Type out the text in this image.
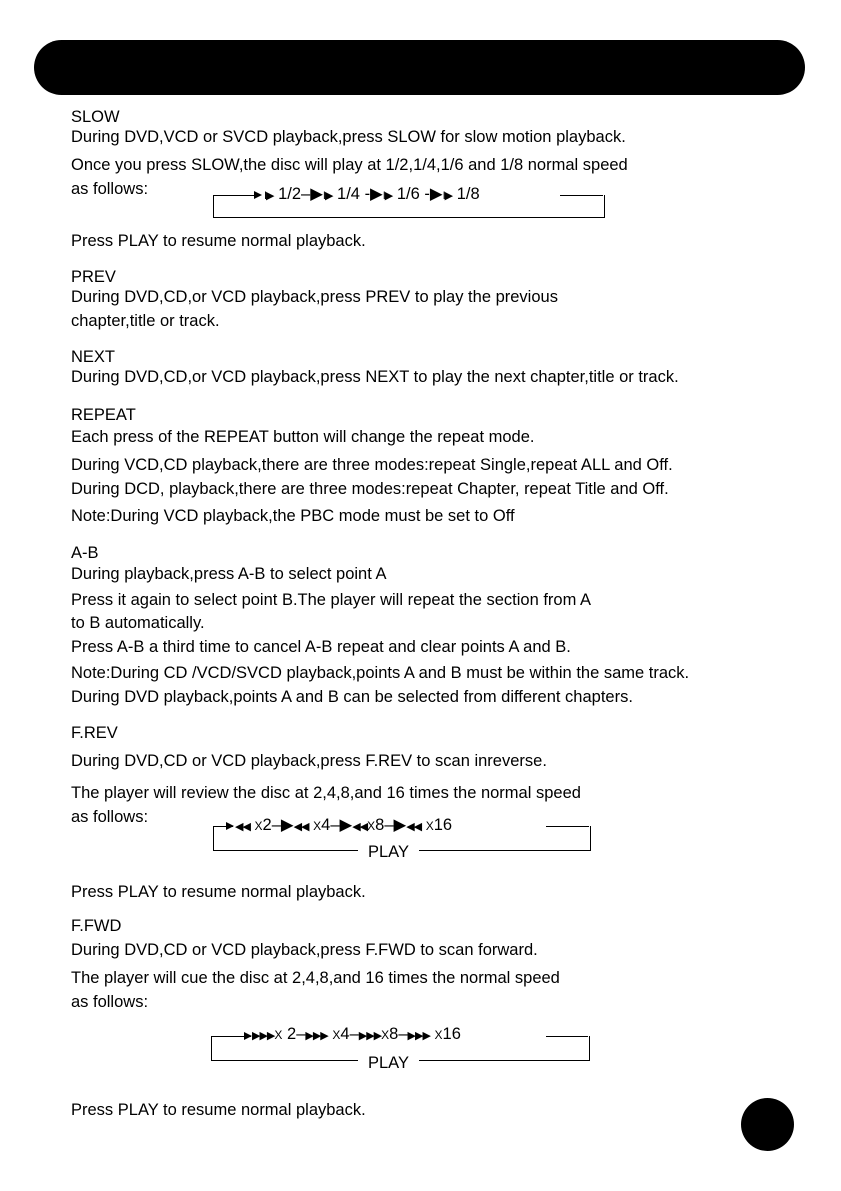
SLOW
During DVD,VCD or SVCD playback,press SLOW for slow motion playback.
Once you press SLOW,the disc will play at 1/2,1/4,1/6 and 1/8 normal speed
as follows:	I▶ 1/2–▶I▶ 1/4 -▶I▶ 1/6 -▶I▶ 1/8
Press PLAY to resume normal playback.
PREV
During DVD,CD,or VCD playback,press PREV to play the previous
chapter,title or track.
NEXT
During DVD,CD,or VCD playback,press NEXT to play the next chapter,title or track.
REPEAT
Each press of the REPEAT button will change the repeat mode.
During VCD,CD playback,there are three modes:repeat Single,repeat ALL and Off.
During DCD, playback,there are three modes:repeat Chapter, repeat Title and Off.
Note:During VCD playback,the PBC mode must be set to Off
A-B
During playback,press A-B to select point A
Press it again to select point B.The player will repeat the section from A
to B automatically.
Press A-B a third time to cancel A-B repeat and clear points A and B.
Note:During CD /VCD/SVCD playback,points A and B must be within the same track.
During DVD playback,points A and B can be selected from different chapters.
F.REV
During DVD,CD or VCD playback,press F.REV to scan inreverse.
The player will review the disc at 2,4,8,and 16 times the normal speed
as follows:
◀◀ X2–▶◀◀ X4–▶◀◀X8–▶◀◀ X16
PLAY
Press PLAY to resume normal playback.
F.FWD
During DVD,CD or VCD playback,press F.FWD to scan forward.
The player will cue the disc at 2,4,8,and 16 times the normal speed
as follows:
▶▶▶X 2–▶▶▶ X4–▶▶▶X8–▶▶▶ X16
PLAY
Press PLAY to resume normal playback.
